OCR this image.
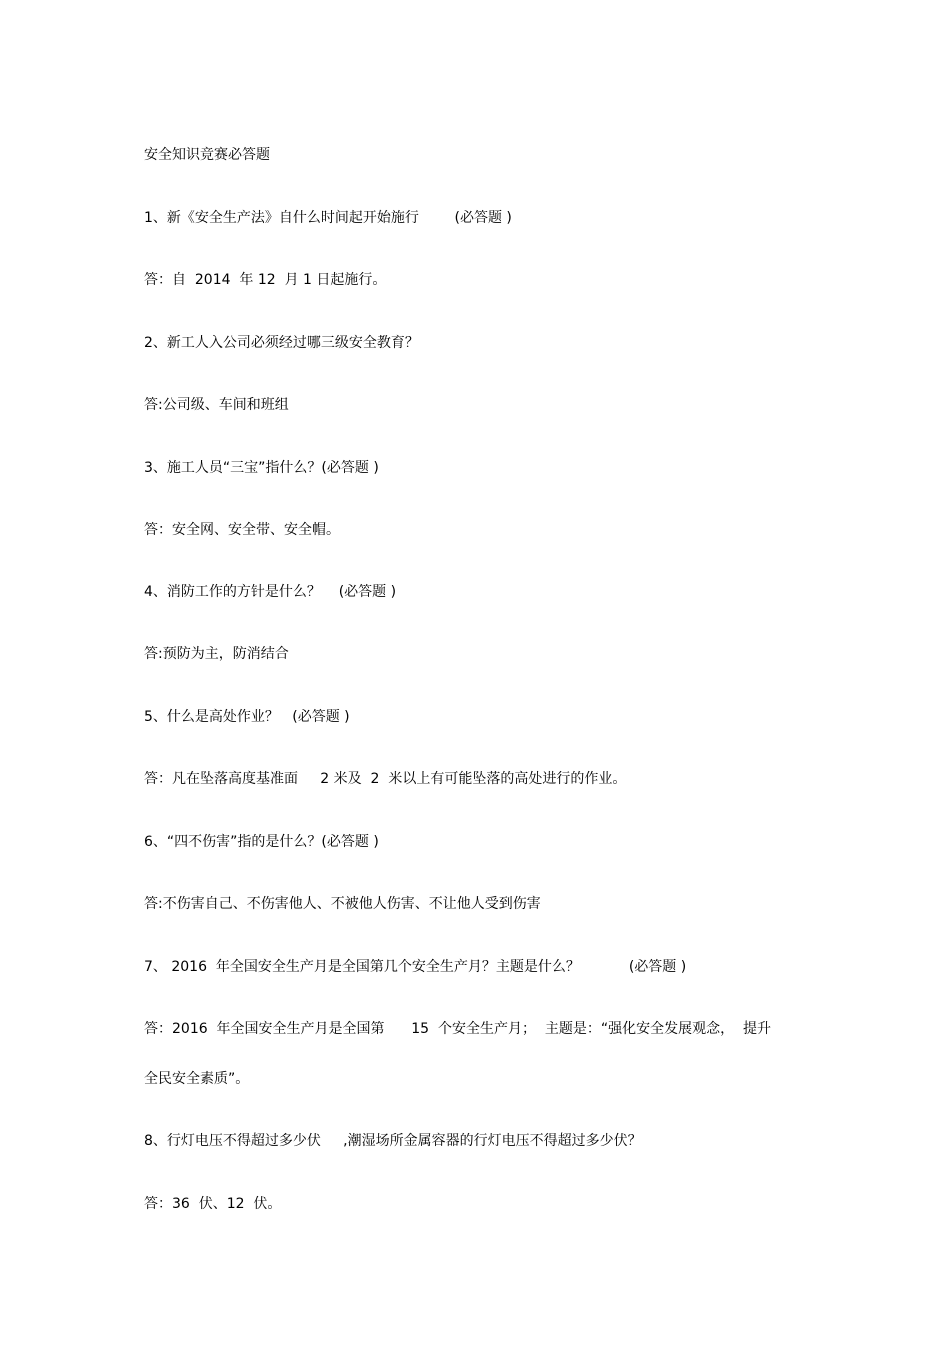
安全知识竞赛必答题
1、新《安全生产法》自什么时间起开始施行        (必答题 )
答：自  2014  年 12  月 1 日起施行。
2、新工人入公司必须经过哪三级安全教育？
答:公司级、车间和班组
3、施工人员“三宝”指什么？(必答题 )
答：安全网、安全带、安全帽。
4、消防工作的方针是什么？    (必答题 )
答:预防为主，防消结合
5、什么是高处作业？   (必答题 )
答：凡在坠落高度基准面     2 米及  2  米以上有可能坠落的高处进行的作业。
6、“四不伤害”指的是什么？(必答题 )
答:不伤害自己、不伤害他人、不被他人伤害、不让他人受到伤害
7、 2016  年全国安全生产月是全国第几个安全生产月？主题是什么？           (必答题 )
答：2016  年全国安全生产月是全国第      15  个安全生产月；  主题是：“强化安全发展观念，  提升
全民安全素质”。
8、行灯电压不得超过多少伏     ,潮湿场所金属容器的行灯电压不得超过多少伏？
答：36  伏、12  伏。
